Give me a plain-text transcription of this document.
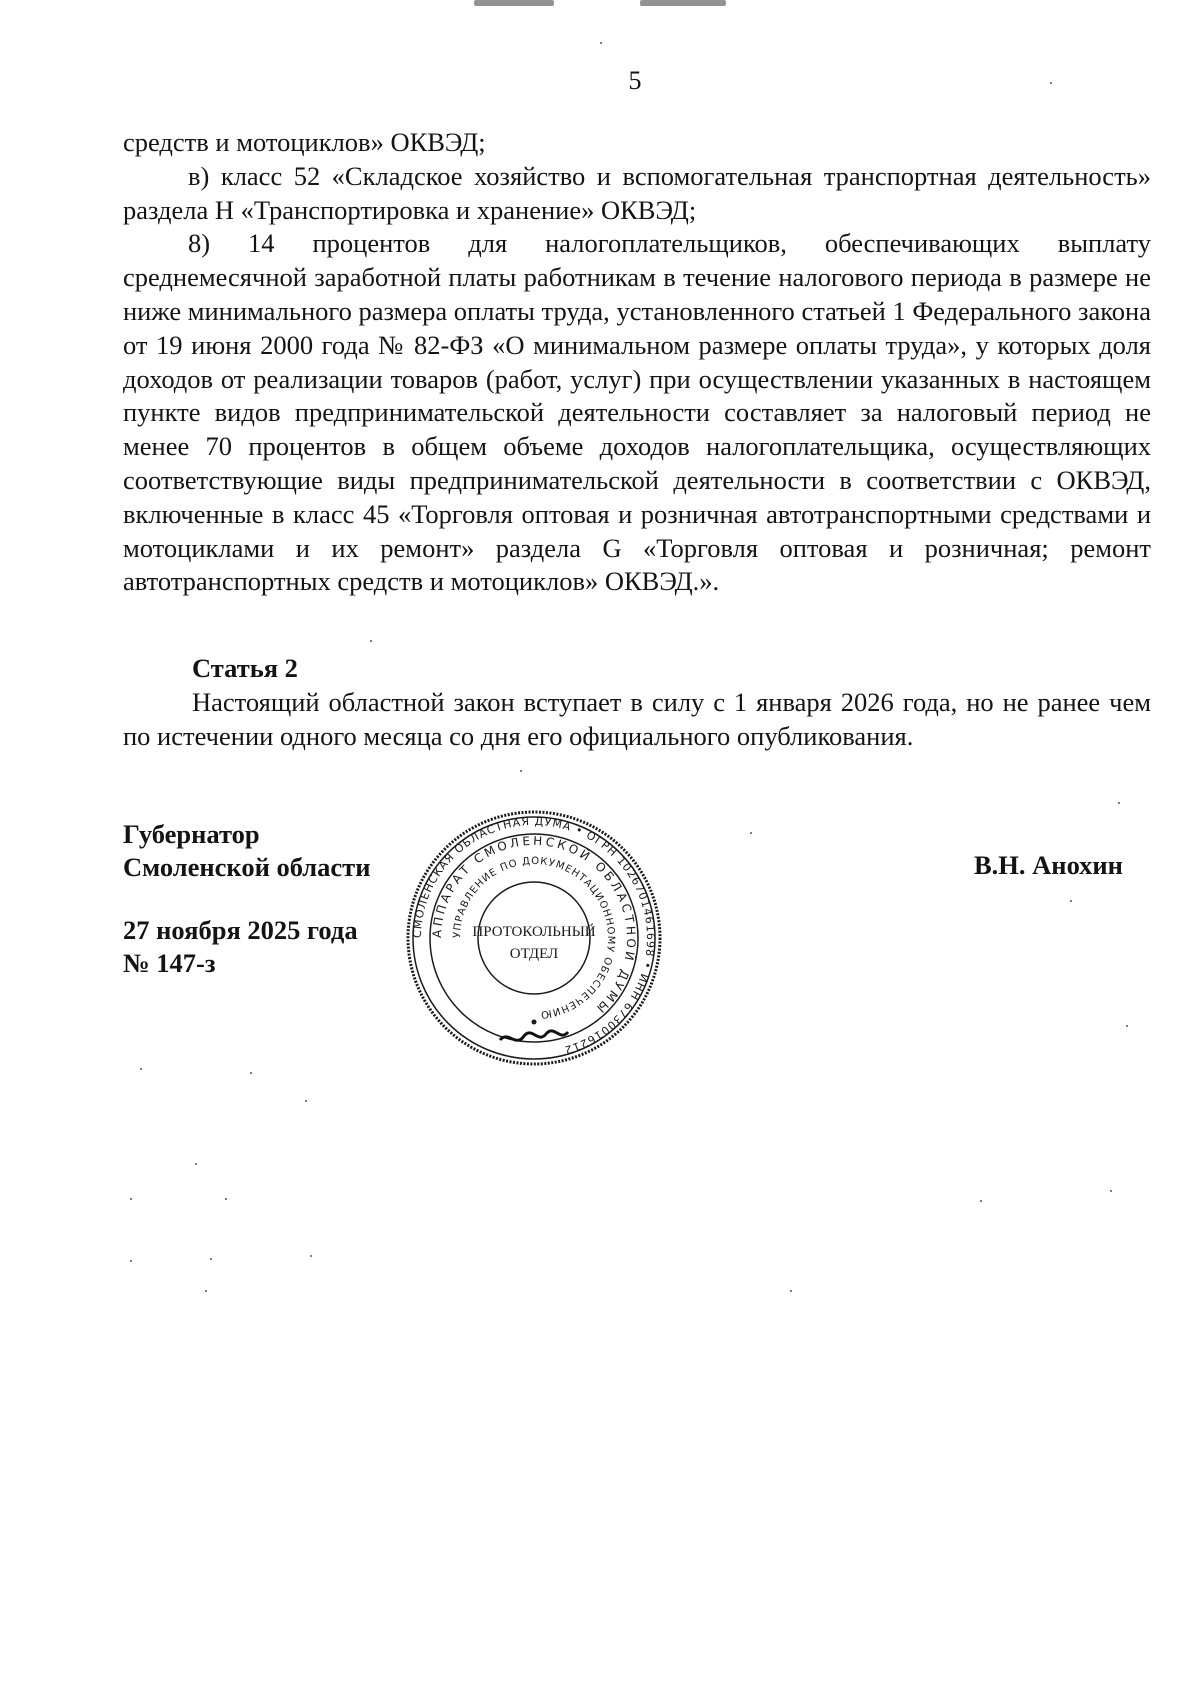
5

средств и мотоциклов» ОКВЭД;

в) класс 52 «Складское хозяйство и вспомогательная транспортная деятельность» раздела H «Транспортировка и хранение» ОКВЭД;

8) 14 процентов для налогоплательщиков, обеспечивающих выплату среднемесячной заработной платы работникам в течение налогового периода в размере не ниже минимального размера оплаты труда, установленного статьей 1 Федерального закона от 19 июня 2000 года № 82-ФЗ «О минимальном размере оплаты труда», у которых доля доходов от реализации товаров (работ, услуг) при осуществлении указанных в настоящем пункте видов предпринимательской деятельности составляет за налоговый период не менее 70 процентов в общем объеме доходов налогоплательщика, осуществляющих соответствующие виды предпринимательской деятельности в соответствии с ОКВЭД, включенные в класс 45 «Торговля оптовая и розничная автотранспортными средствами и мотоциклами и их ремонт» раздела G «Торговля оптовая и розничная; ремонт автотранспортных средств и мотоциклов» ОКВЭД.».

Статья 2

Настоящий областной закон вступает в силу с 1 января 2026 года, но не ранее чем по истечении одного месяца со дня его официального опубликования.

Губернатор
Смоленской области
27 ноября 2025 года
№ 147-з
В.Н. Анохин
СМОЛЕНСКАЯ ОБЛАСТНАЯ ДУМА • ОГРН 1026701461698 • ИНН 6730016212
АППАРАТ СМОЛЕНСКОЙ ОБЛАСТНОЙ ДУМЫ
УПРАВЛЕНИЕ ПО ДОКУМЕНТАЦИОННОМУ ОБЕСПЕЧЕНИЮ
ПРОТОКОЛЬНЫЙ
ОТДЕЛ
